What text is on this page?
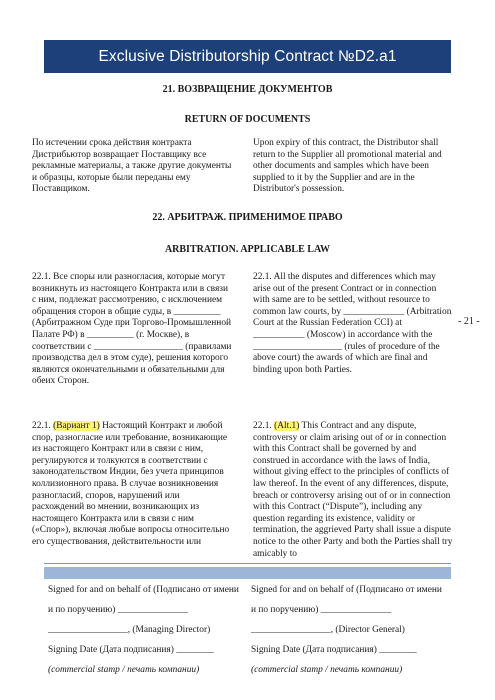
Exclusive Distributorship Contract №D2.a1
21. ВОЗВРАЩЕНИЕ ДОКУМЕНТОВ
RETURN OF DOCUMENTS
По истечении срока действия контракта Дистрибьютор возвращает Поставщику все рекламные материалы, а также другие документы и образцы, которые были переданы ему Поставщиком.
Upon expiry of this contract, the Distributor shall return to the Supplier all promotional material and other documents and samples which have been supplied to it by the Supplier and are in the Distributor's possession.
22. АРБИТРАЖ. ПРИМЕНИМОЕ ПРАВО
ARBITRATION. APPLICABLE LAW
22.1. Все споры или разногласия, которые могут возникнуть из настоящего Контракта или в связи с ним, подлежат рассмотрению, с исключением обращения сторон в общие суды, в __________ (Арбитражном Суде при Торгово-Промышленной Палате РФ) в __________ (г. Москве), в соответствии с ___________________ (правилами производства дел в этом суде), решения которого являются окончательными и обязательными для обеих Сторон.
22.1. All the disputes and differences which may arise out of the present Contract or in connection with same are to be settled, without resource to common law courts, by _____________ (Arbitration Court at the Russian Federation CCI) at ___________ (Moscow) in accordance with the ___________________ (rules of procedure of the above court) the awards of which are final and binding upon both Parties.
- 21 -
22.1. (Вариант 1) Настоящий Контракт и любой спор, разногласие или требование, возникающие из настоящего Контракт или в связи с ним, регулируются и толкуются в соответствии с законодательством Индии, без учета принципов коллизионного права. В случае возникновения разногласий, споров, нарушений или расхождений во мнении, возникающих из настоящего Контракта или в связи с ним («Спор»), включая любые вопросы относительно его существования, действительности или
22.1. (Alt.1) This Contract and any dispute, controversy or claim arising out of or in connection with this Contract shall be governed by and construed in accordance with the laws of India, without giving effect to the principles of conflicts of law thereof. In the event of any differences, dispute, breach or controversy arising out of or in connection with this Contract (“Dispute”), including any question regarding its existence, validity or termination, the aggrieved Party shall issue a dispute notice to the other Party and both the Parties shall try amicably to
Signed for and on behalf of (Подписано от имени
и по поручению) _______________
_________________, (Managing Director)
Signing Date (Дата подписания) ________
(commercial stamp / печать компании)
Signed for and on behalf of (Подписано от имени
и по поручению) _______________
_________________, (Director General)
Signing Date (Дата подписания) ________
(commercial stamp / печать компании)
